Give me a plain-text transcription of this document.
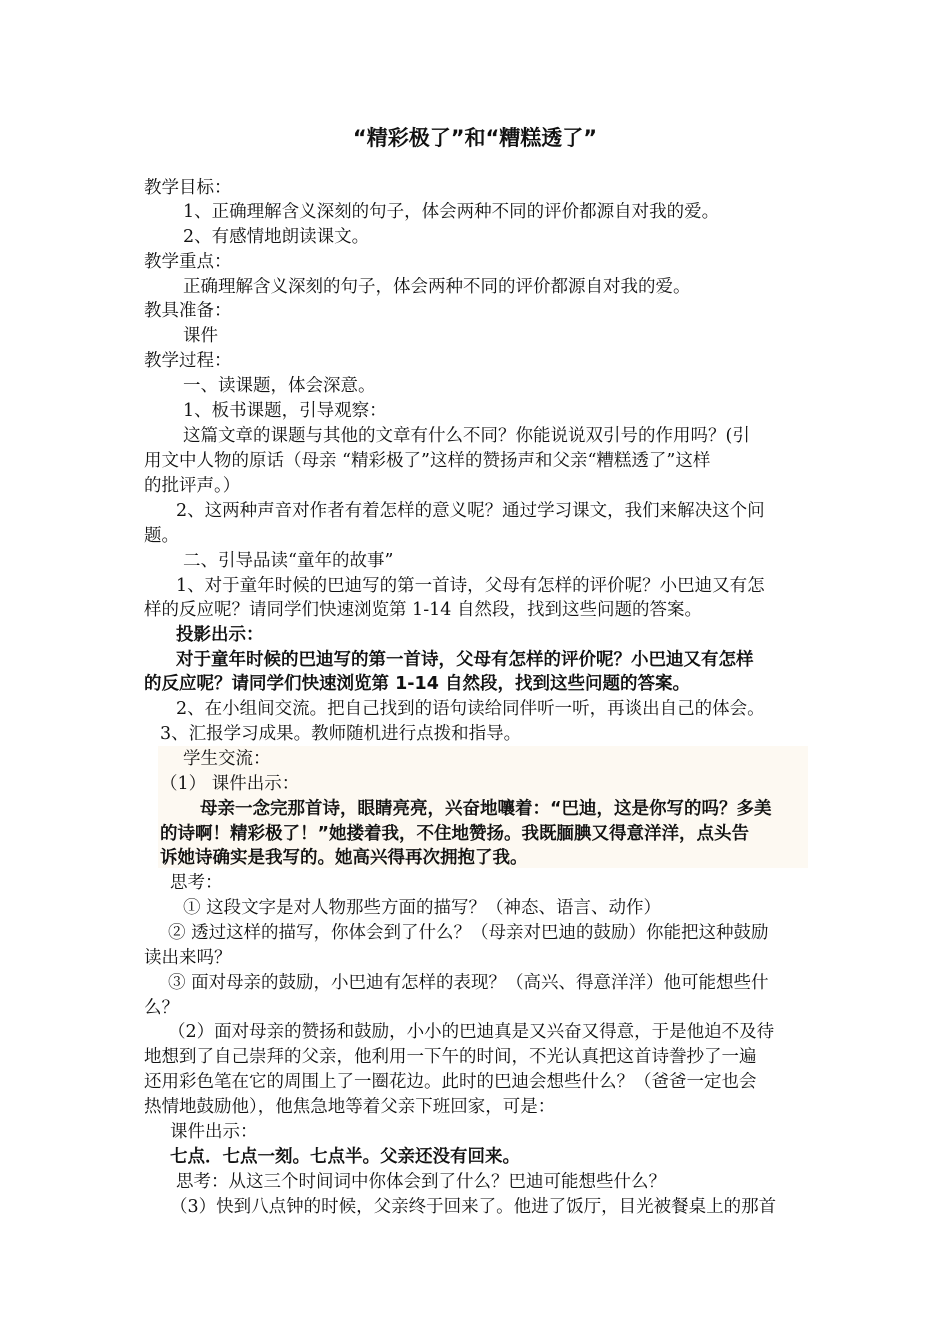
“精彩极了”和“糟糕透了”
教学目标：
1、正确理解含义深刻的句子，体会两种不同的评价都源自对我的爱。
2、有感情地朗读课文。
教学重点：
正确理解含义深刻的句子，体会两种不同的评价都源自对我的爱。
教具准备：
课件
教学过程：
一、读课题，体会深意。
1、板书课题，引导观察：
这篇文章的课题与其他的文章有什么不同？你能说说双引号的作用吗？(引
用文中人物的原话（母亲 “精彩极了”这样的赞扬声和父亲“糟糕透了”这样
的批评声。）
2、这两种声音对作者有着怎样的意义呢？通过学习课文，我们来解决这个问
题。
二、引导品读“童年的故事”
1、对于童年时候的巴迪写的第一首诗，父母有怎样的评价呢？小巴迪又有怎
样的反应呢？请同学们快速浏览第 1-14 自然段，找到这些问题的答案。
投影出示：
对于童年时候的巴迪写的第一首诗，父母有怎样的评价呢？小巴迪又有怎样
的反应呢？请同学们快速浏览第 1-14 自然段，找到这些问题的答案。
2、在小组间交流。把自己找到的语句读给同伴听一听，再谈出自己的体会。
3、汇报学习成果。教师随机进行点拨和指导。
学生交流：
（1） 课件出示：
母亲一念完那首诗，眼睛亮亮，兴奋地嚷着：“巴迪，这是你写的吗？多美
的诗啊！精彩极了！”她搂着我，不住地赞扬。我既腼腆又得意洋洋，点头告
诉她诗确实是我写的。她高兴得再次拥抱了我。
思考：
① 这段文字是对人物那些方面的描写？（神态、语言、动作）
② 透过这样的描写，你体会到了什么？（母亲对巴迪的鼓励）你能把这种鼓励
读出来吗？
③ 面对母亲的鼓励，小巴迪有怎样的表现？（高兴、得意洋洋）他可能想些什
么？
（2）面对母亲的赞扬和鼓励，小小的巴迪真是又兴奋又得意，于是他迫不及待
地想到了自己崇拜的父亲，他利用一下午的时间，不光认真把这首诗誊抄了一遍
还用彩色笔在它的周围上了一圈花边。此时的巴迪会想些什么？（爸爸一定也会
热情地鼓励他），他焦急地等着父亲下班回家，可是：
课件出示：
七点．七点一刻。七点半。父亲还没有回来。
思考：从这三个时间词中你体会到了什么？巴迪可能想些什么？
（3）快到八点钟的时候，父亲终于回来了。他进了饭厅，目光被餐桌上的那首
